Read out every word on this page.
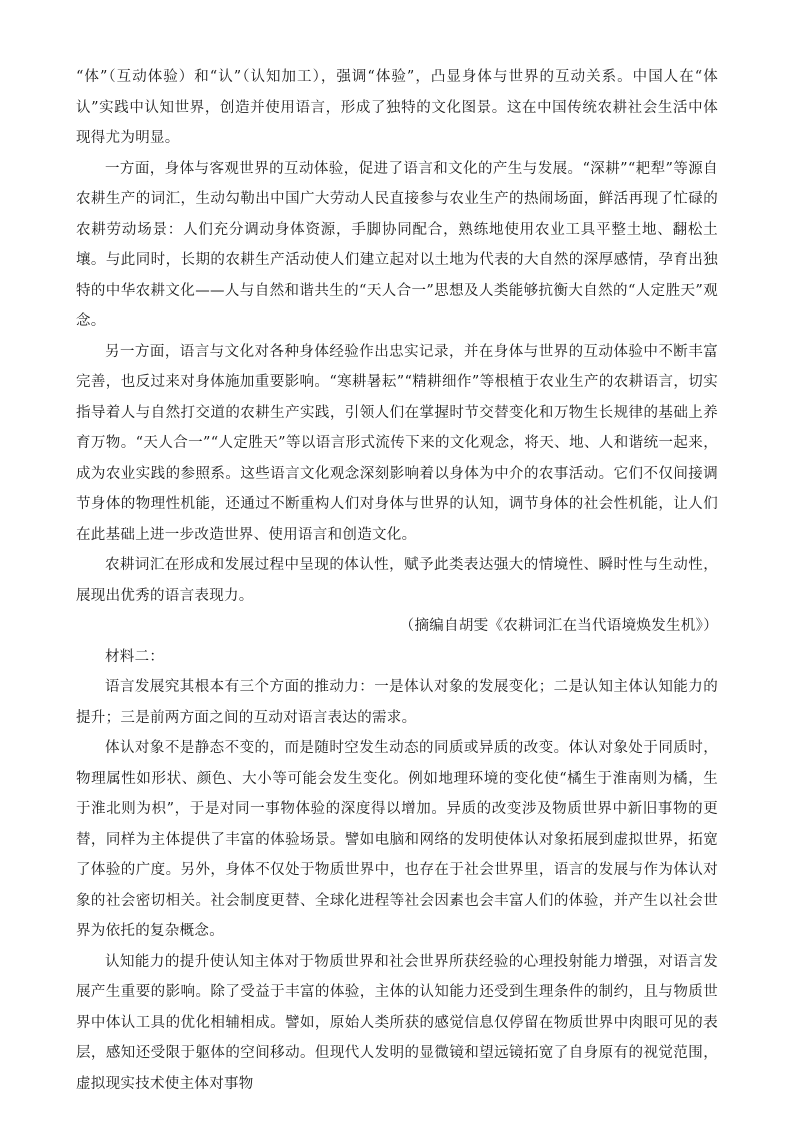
“体”（互动体验）和“认”（认知加工），强调“体验”，凸显身体与世界的互动关系。中国人在“体认”实践中认知世界，创造并使用语言，形成了独特的文化图景。这在中国传统农耕社会生活中体现得尤为明显。

一方面，身体与客观世界的互动体验，促进了语言和文化的产生与发展。“深耕”“耙犁”等源自农耕生产的词汇，生动勾勒出中国广大劳动人民直接参与农业生产的热闹场面，鲜活再现了忙碌的农耕劳动场景：人们充分调动身体资源，手脚协同配合，熟练地使用农业工具平整土地、翻松土壤。与此同时，长期的农耕生产活动使人们建立起对以土地为代表的大自然的深厚感情，孕育出独特的中华农耕文化——人与自然和谐共生的“天人合一”思想及人类能够抗衡大自然的“人定胜天”观念。

另一方面，语言与文化对各种身体经验作出忠实记录，并在身体与世界的互动体验中不断丰富完善，也反过来对身体施加重要影响。“寒耕暑耘”“精耕细作”等根植于农业生产的农耕语言，切实指导着人与自然打交道的农耕生产实践，引领人们在掌握时节交替变化和万物生长规律的基础上养育万物。“天人合一”“人定胜天”等以语言形式流传下来的文化观念，将天、地、人和谐统一起来，成为农业实践的参照系。这些语言文化观念深刻影响着以身体为中介的农事活动。它们不仅间接调节身体的物理性机能，还通过不断重构人们对身体与世界的认知，调节身体的社会性机能，让人们在此基础上进一步改造世界、使用语言和创造文化。

农耕词汇在形成和发展过程中呈现的体认性，赋予此类表达强大的情境性、瞬时性与生动性，展现出优秀的语言表现力。

（摘编自胡雯《农耕词汇在当代语境焕发生机》）

材料二：

语言发展究其根本有三个方面的推动力：一是体认对象的发展变化；二是认知主体认知能力的提升；三是前两方面之间的互动对语言表达的需求。

体认对象不是静态不变的，而是随时空发生动态的同质或异质的改变。体认对象处于同质时，物理属性如形状、颜色、大小等可能会发生变化。例如地理环境的变化使“橘生于淮南则为橘，生于淮北则为枳”，于是对同一事物体验的深度得以增加。异质的改变涉及物质世界中新旧事物的更替，同样为主体提供了丰富的体验场景。譬如电脑和网络的发明使体认对象拓展到虚拟世界，拓宽了体验的广度。另外，身体不仅处于物质世界中，也存在于社会世界里，语言的发展与作为体认对象的社会密切相关。社会制度更替、全球化进程等社会因素也会丰富人们的体验，并产生以社会世界为依托的复杂概念。

认知能力的提升使认知主体对于物质世界和社会世界所获经验的心理投射能力增强，对语言发展产生重要的影响。除了受益于丰富的体验，主体的认知能力还受到生理条件的制约，且与物质世界中体认工具的优化相辅相成。譬如，原始人类所获的感觉信息仅停留在物质世界中肉眼可见的表层，感知还受限于躯体的空间移动。但现代人发明的显微镜和望远镜拓宽了自身原有的视觉范围，虚拟现实技术使主体对事物
